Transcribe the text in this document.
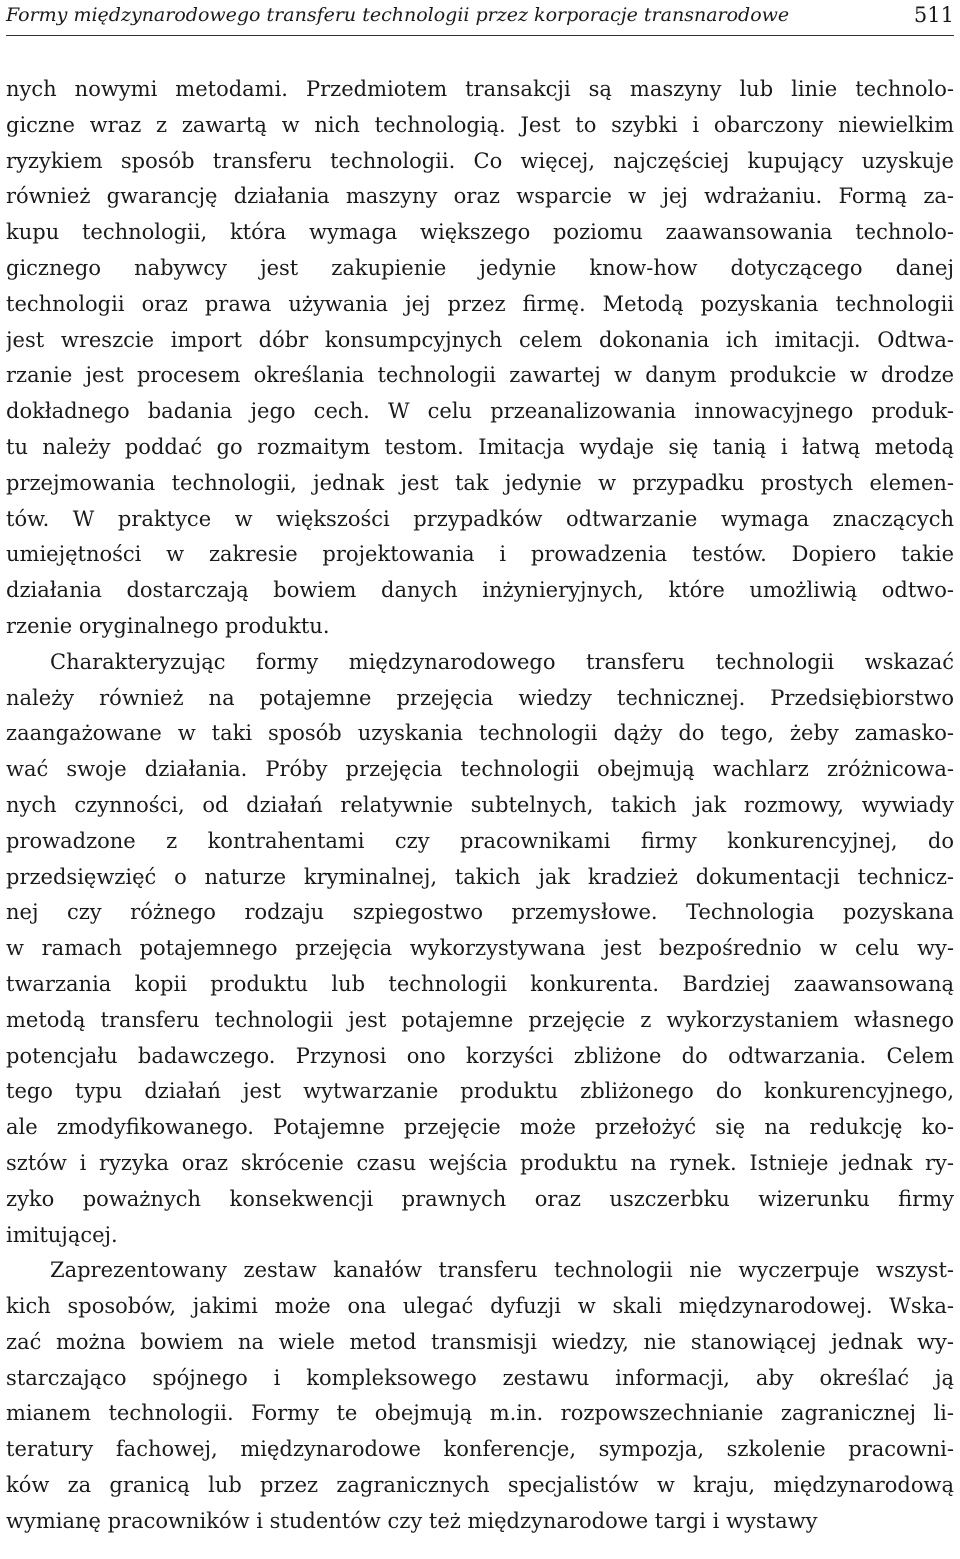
Formy międzynarodowego transferu technologii przez korporacje transnarodowe	511
nych nowymi metodami. Przedmiotem transakcji są maszyny lub linie technolo-
giczne wraz z zawartą w nich technologią. Jest to szybki i obarczony niewielkim
ryzykiem sposób transferu technologii. Co więcej, najczęściej kupujący uzyskuje
również gwarancję działania maszyny oraz wsparcie w jej wdrażaniu. Formą za-
kupu technologii, która wymaga większego poziomu zaawansowania technolo-
gicznego nabywcy jest zakupienie jedynie know-how dotyczącego danej
technologii oraz prawa używania jej przez firmę. Metodą pozyskania technologii
jest wreszcie import dóbr konsumpcyjnych celem dokonania ich imitacji. Odtwa-
rzanie jest procesem określania technologii zawartej w danym produkcie w drodze
dokładnego badania jego cech. W celu przeanalizowania innowacyjnego produk-
tu należy poddać go rozmaitym testom. Imitacja wydaje się tanią i łatwą metodą
przejmowania technologii, jednak jest tak jedynie w przypadku prostych elemen-
tów. W praktyce w większości przypadków odtwarzanie wymaga znaczących
umiejętności w zakresie projektowania i prowadzenia testów. Dopiero takie
działania dostarczają bowiem danych inżynieryjnych, które umożliwią odtwo-
rzenie oryginalnego produktu.
Charakteryzując formy międzynarodowego transferu technologii wskazać
należy również na potajemne przejęcia wiedzy technicznej. Przedsiębiorstwo
zaangażowane w taki sposób uzyskania technologii dąży do tego, żeby zamasko-
wać swoje działania. Próby przejęcia technologii obejmują wachlarz zróżnicowa-
nych czynności, od działań relatywnie subtelnych, takich jak rozmowy, wywiady
prowadzone z kontrahentami czy pracownikami firmy konkurencyjnej, do
przedsięwzięć o naturze kryminalnej, takich jak kradzież dokumentacji technicz-
nej czy różnego rodzaju szpiegostwo przemysłowe. Technologia pozyskana
w ramach potajemnego przejęcia wykorzystywana jest bezpośrednio w celu wy-
twarzania kopii produktu lub technologii konkurenta. Bardziej zaawansowaną
metodą transferu technologii jest potajemne przejęcie z wykorzystaniem własnego
potencjału badawczego. Przynosi ono korzyści zbliżone do odtwarzania. Celem
tego typu działań jest wytwarzanie produktu zbliżonego do konkurencyjnego,
ale zmodyfikowanego. Potajemne przejęcie może przełożyć się na redukcję ko-
sztów i ryzyka oraz skrócenie czasu wejścia produktu na rynek. Istnieje jednak ry-
zyko poważnych konsekwencji prawnych oraz uszczerbku wizerunku firmy
imitującej.
Zaprezentowany zestaw kanałów transferu technologii nie wyczerpuje wszyst-
kich sposobów, jakimi może ona ulegać dyfuzji w skali międzynarodowej. Wska-
zać można bowiem na wiele metod transmisji wiedzy, nie stanowiącej jednak wy-
starczająco spójnego i kompleksowego zestawu informacji, aby określać ją
mianem technologii. Formy te obejmują m.in. rozpowszechnianie zagranicznej li-
teratury fachowej, międzynarodowe konferencje, sympozja, szkolenie pracowni-
ków za granicą lub przez zagranicznych specjalistów w kraju, międzynarodową
wymianę pracowników i studentów czy też międzynarodowe targi i wystawy
